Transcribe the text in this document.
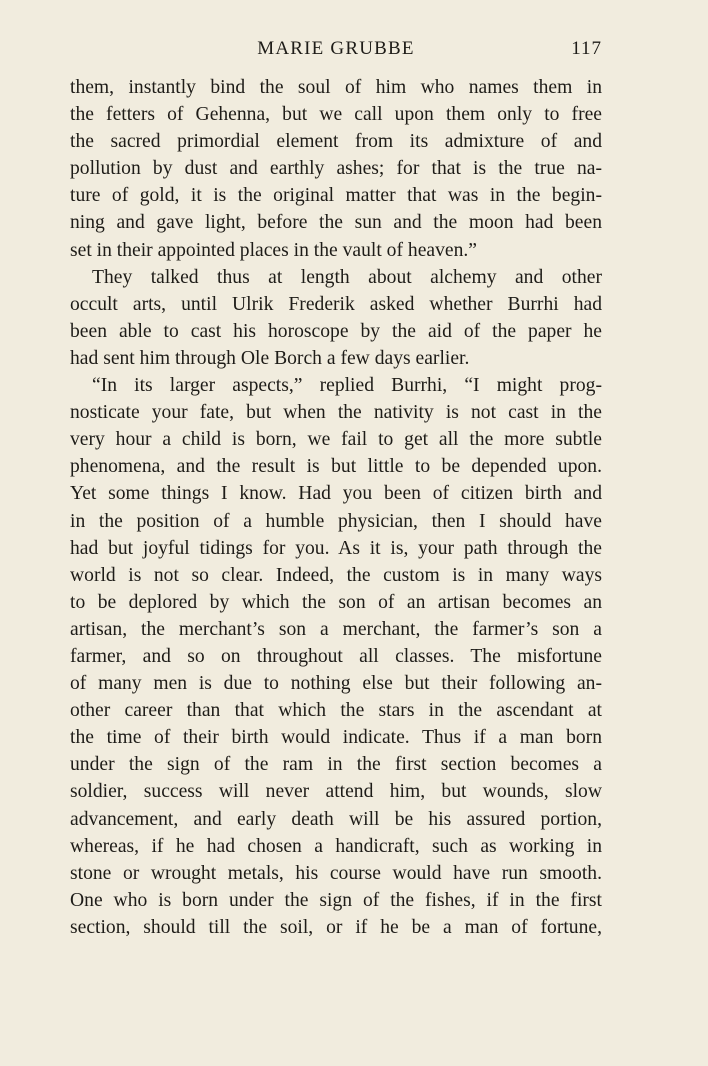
MARIE GRUBBE	117
them, instantly bind the soul of him who names them in
the fetters of Gehenna, but we call upon them only to free
the sacred primordial element from its admixture of and
pollution by dust and earthly ashes; for that is the true na-
ture of gold, it is the original matter that was in the begin-
ning and gave light, before the sun and the moon had been
set in their appointed places in the vault of heaven.”
They talked thus at length about alchemy and other
occult arts, until Ulrik Frederik asked whether Burrhi had
been able to cast his horoscope by the aid of the paper he
had sent him through Ole Borch a few days earlier.
“In its larger aspects,” replied Burrhi, “I might prog-
nosticate your fate, but when the nativity is not cast in the
very hour a child is born, we fail to get all the more subtle
phenomena, and the result is but little to be depended upon.
Yet some things I know. Had you been of citizen birth and
in the position of a humble physician, then I should have
had but joyful tidings for you. As it is, your path through the
world is not so clear. Indeed, the custom is in many ways
to be deplored by which the son of an artisan becomes an
artisan, the merchant’s son a merchant, the farmer’s son a
farmer, and so on throughout all classes. The misfortune
of many men is due to nothing else but their following an-
other career than that which the stars in the ascendant at
the time of their birth would indicate. Thus if a man born
under the sign of the ram in the first section becomes a
soldier, success will never attend him, but wounds, slow
advancement, and early death will be his assured portion,
whereas, if he had chosen a handicraft, such as working in
stone or wrought metals, his course would have run smooth.
One who is born under the sign of the fishes, if in the first
section, should till the soil, or if he be a man of fortune,
